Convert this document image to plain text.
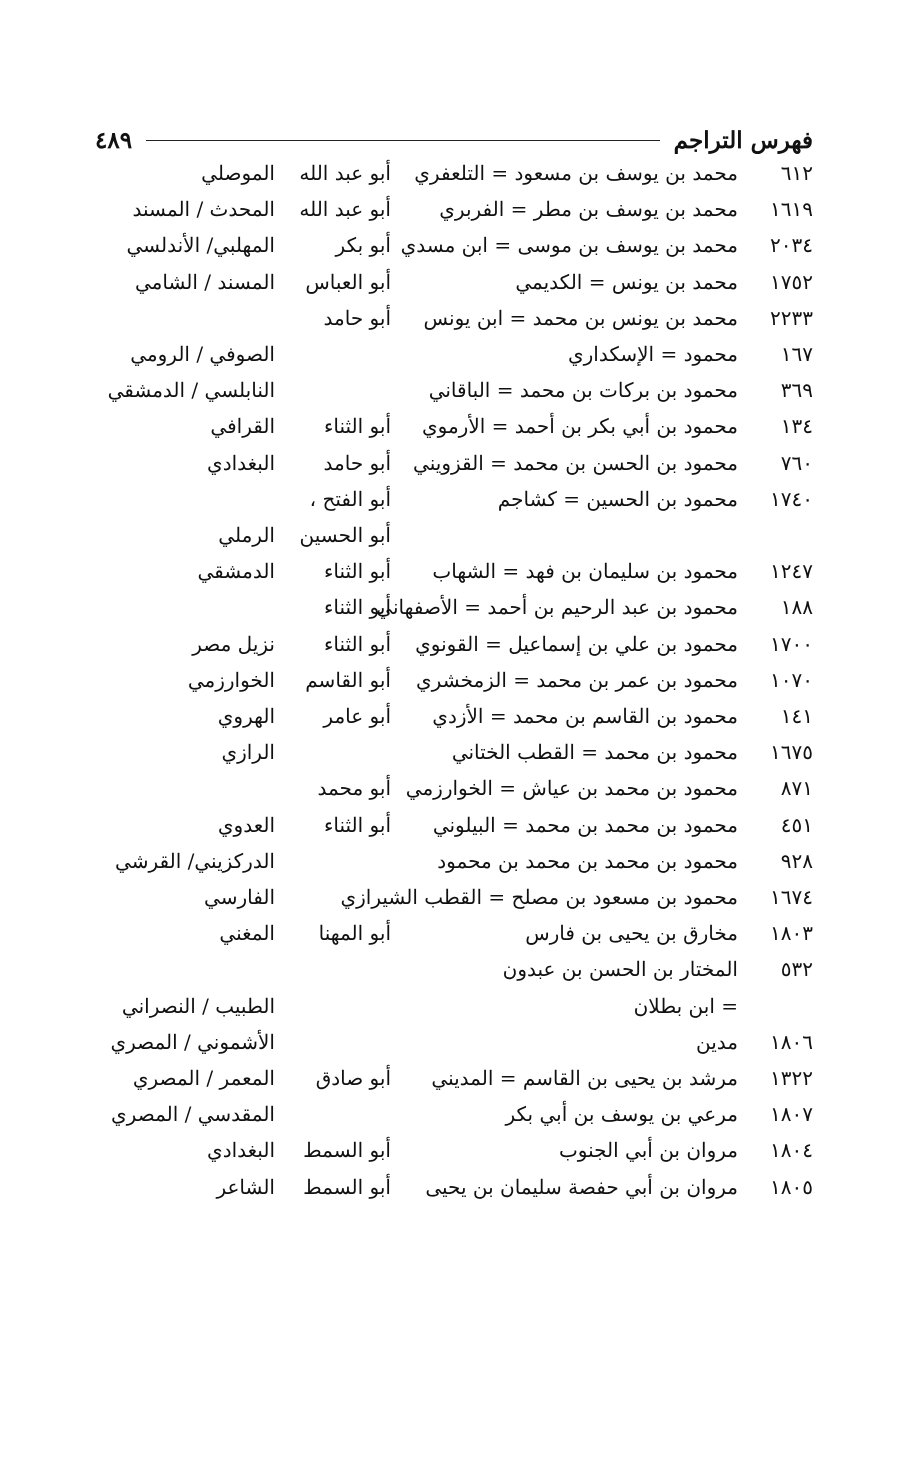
فهرس التراجم
٤٨٩
٦١٢
محمد بن يوسف بن مسعود = التلعفري
أبو عبد الله
الموصلي
١٦١٩
محمد بن يوسف بن مطر = الفربري
أبو عبد الله
المحدث / المسند
٢٠٣٤
محمد بن يوسف بن موسى = ابن مسدي
أبو بكر
المهلبي/ الأندلسي
١٧٥٢
محمد بن يونس = الكديمي
أبو العباس
المسند / الشامي
٢٢٣٣
محمد بن يونس بن محمد = ابن يونس
أبو حامد
١٦٧
محمود = الإسكداري
الصوفي / الرومي
٣٦٩
محمود بن بركات بن محمد = الباقاني
النابلسي / الدمشقي
١٣٤
محمود بن أبي بكر بن أحمد = الأرموي
أبو الثناء
القرافي
٧٦٠
محمود بن الحسن بن محمد = القزويني
أبو حامد
البغدادي
١٧٤٠
محمود بن الحسين = كشاجم
أبو الفتح ،
أبو الحسين
الرملي
١٢٤٧
محمود بن سليمان بن فهد = الشهاب
أبو الثناء
الدمشقي
١٨٨
محمود بن عبد الرحيم بن أحمد = الأصفهاني
أبو الثناء
١٧٠٠
محمود بن علي بن إسماعيل = القونوي
أبو الثناء
نزيل مصر
١٠٧٠
محمود بن عمر بن محمد = الزمخشري
أبو القاسم
الخوارزمي
١٤١
محمود بن القاسم بن محمد = الأزدي
أبو عامر
الهروي
١٦٧٥
محمود بن محمد = القطب الختاني
الرازي
٨٧١
محمود بن محمد بن عياش = الخوارزمي
أبو محمد
٤٥١
محمود بن محمد بن محمد = البيلوني
أبو الثناء
العدوي
٩٢٨
محمود بن محمد بن محمد بن محمود
الدركزيني/ القرشي
١٦٧٤
محمود بن مسعود بن مصلح = القطب الشيرازي
الفارسي
١٨٠٣
مخارق بن يحيى بن فارس
أبو المهنا
المغني
٥٣٢
المختار بن الحسن بن عبدون
= ابن بطلان
الطبيب / النصراني
١٨٠٦
مدين
الأشموني / المصري
١٣٢٢
مرشد بن يحيى بن القاسم = المديني
أبو صادق
المعمر / المصري
١٨٠٧
مرعي بن يوسف بن أبي بكر
المقدسي / المصري
١٨٠٤
مروان بن أبي الجنوب
أبو السمط
البغدادي
١٨٠٥
مروان بن أبي حفصة سليمان بن يحيى
أبو السمط
الشاعر
